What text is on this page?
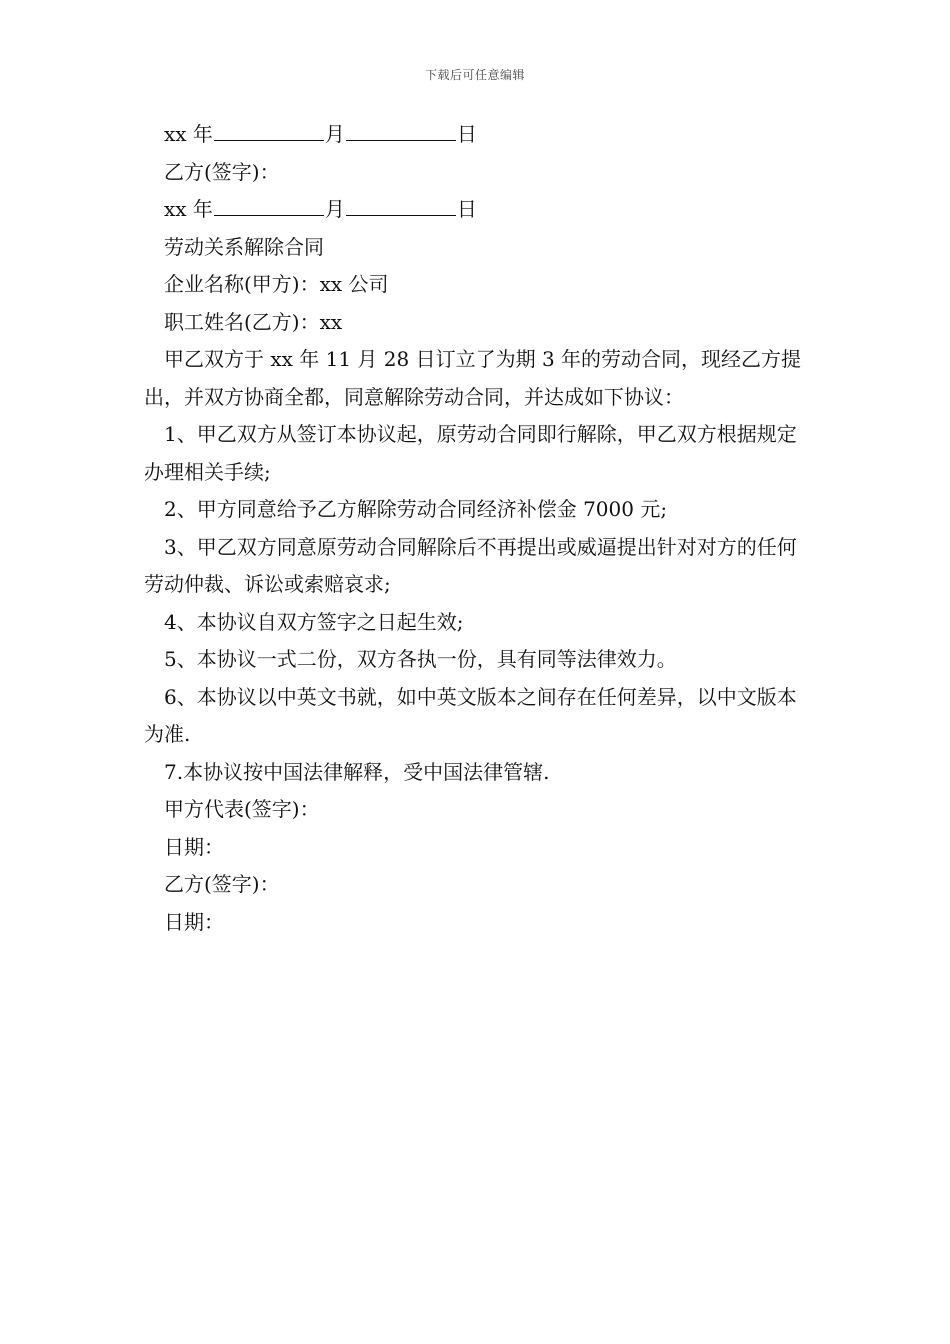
下载后可任意编辑

xx 年	月	日

乙方(签字)：

xx 年	月	日

劳动关系解除合同

企业名称(甲方)：xx 公司

职工姓名(乙方)：xx

甲乙双方于 xx 年 11 月 28 日订立了为期 3 年的劳动合同，现经乙方提出，并双方协商全都，同意解除劳动合同，并达成如下协议：

1、甲乙双方从签订本协议起，原劳动合同即行解除，甲乙双方根据规定办理相关手续;

2、甲方同意给予乙方解除劳动合同经济补偿金 7000 元;

3、甲乙双方同意原劳动合同解除后不再提出或威逼提出针对对方的任何劳动仲裁、诉讼或索赔哀求;

4、本协议自双方签字之日起生效;

5、本协议一式二份，双方各执一份，具有同等法律效力。

6、本协议以中英文书就，如中英文版本之间存在任何差异，以中文版本为准.

7.本协议按中国法律解释，受中国法律管辖.

甲方代表(签字)：

日期：

乙方(签字)：

日期：
